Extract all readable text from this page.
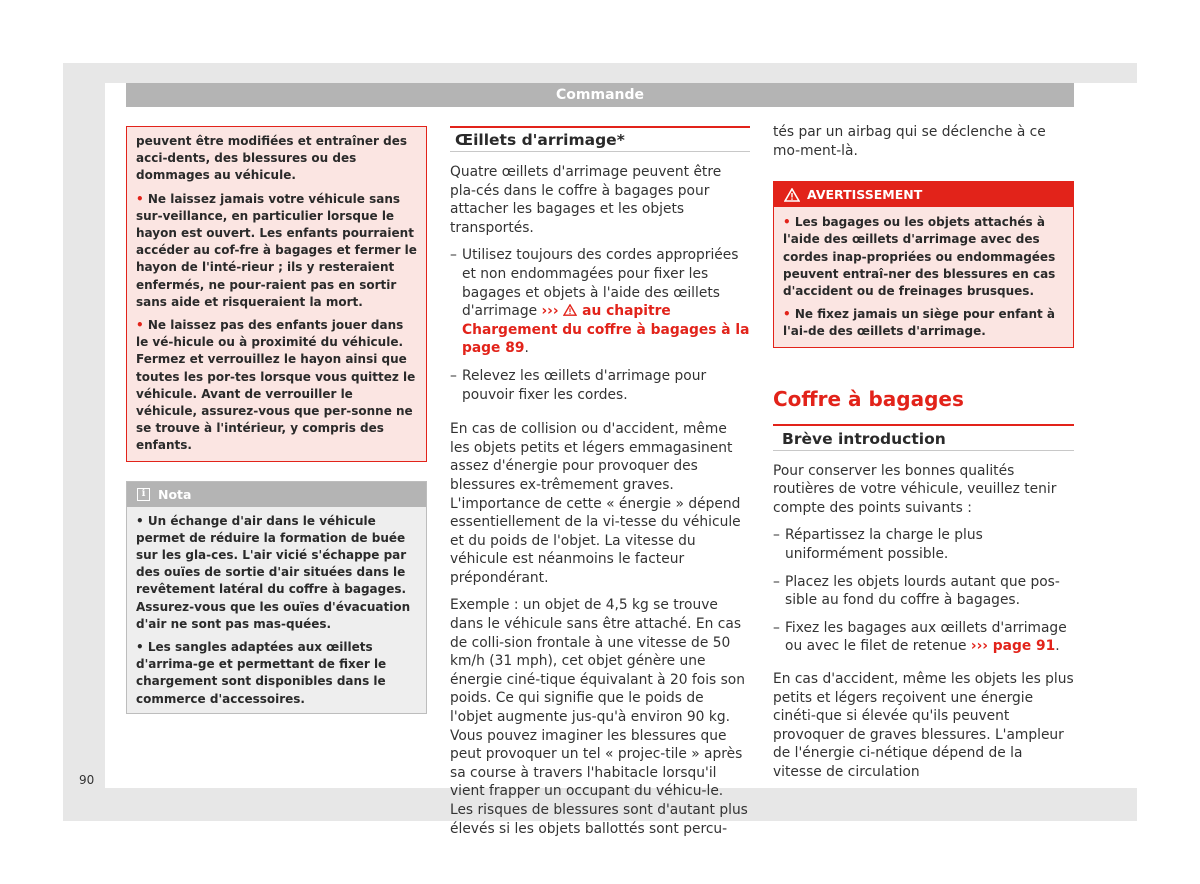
Commande

peuvent être modifiées et entraîner des acci-dents, des blessures ou des dommages au véhicule.

• Ne laissez jamais votre véhicule sans sur-veillance, en particulier lorsque le hayon est ouvert. Les enfants pourraient accéder au cof-fre à bagages et fermer le hayon de l'inté-rieur ; ils y resteraient enfermés, ne pour-raient pas en sortir sans aide et risqueraient la mort.

• Ne laissez pas des enfants jouer dans le vé-hicule ou à proximité du véhicule. Fermez et verrouillez le hayon ainsi que toutes les por-tes lorsque vous quittez le véhicule. Avant de verrouiller le véhicule, assurez-vous que per-sonne ne se trouve à l'intérieur, y compris des enfants.

i	Nota

• Un échange d'air dans le véhicule permet de réduire la formation de buée sur les gla-ces. L'air vicié s'échappe par des ouïes de sortie d'air situées dans le revêtement latéral du coffre à bagages. Assurez-vous que les ouïes d'évacuation d'air ne sont pas mas-quées.

• Les sangles adaptées aux œillets d'arrima-ge et permettant de fixer le chargement sont disponibles dans le commerce d'accessoires.

Œillets d'arrimage*

Quatre œillets d'arrimage peuvent être pla-cés dans le coffre à bagages pour attacher les bagages et les objets transportés.

– Utilisez toujours des cordes appropriées et non endommagées pour fixer les bagages et objets à l'aide des œillets d'arrimage ››› au chapitre Chargement du coffre à bagages à la page 89.
– Relevez les œillets d'arrimage pour pouvoir fixer les cordes.

En cas de collision ou d'accident, même les objets petits et légers emmagasinent assez d'énergie pour provoquer des blessures ex-trêmement graves. L'importance de cette « énergie » dépend essentiellement de la vi-tesse du véhicule et du poids de l'objet. La vitesse du véhicule est néanmoins le facteur prépondérant.

Exemple : un objet de 4,5 kg se trouve dans le véhicule sans être attaché. En cas de colli-sion frontale à une vitesse de 50 km/h (31 mph), cet objet génère une énergie ciné-tique équivalant à 20 fois son poids. Ce qui signifie que le poids de l'objet augmente jus-qu'à environ 90 kg. Vous pouvez imaginer les blessures que peut provoquer un tel « projec-tile » après sa course à travers l'habitacle lorsqu'il vient frapper un occupant du véhicu-le. Les risques de blessures sont d'autant plus élevés si les objets ballottés sont percu-

tés par un airbag qui se déclenche à ce mo-ment-là.

AVERTISSEMENT

• Les bagages ou les objets attachés à l'aide des œillets d'arrimage avec des cordes inap-propriées ou endommagées peuvent entraî-ner des blessures en cas d'accident ou de freinages brusques.

• Ne fixez jamais un siège pour enfant à l'ai-de des œillets d'arrimage.

Coffre à bagages
Brève introduction

Pour conserver les bonnes qualités routières de votre véhicule, veuillez tenir compte des points suivants :

– Répartissez la charge le plus uniformément possible.
– Placez les objets lourds autant que pos-sible au fond du coffre à bagages.
– Fixez les bagages aux œillets d'arrimage ou avec le filet de retenue ››› page 91.

En cas d'accident, même les objets les plus petits et légers reçoivent une énergie cinéti-que si élevée qu'ils peuvent provoquer de graves blessures. L'ampleur de l'énergie ci-nétique dépend de la vitesse de circulation

90
